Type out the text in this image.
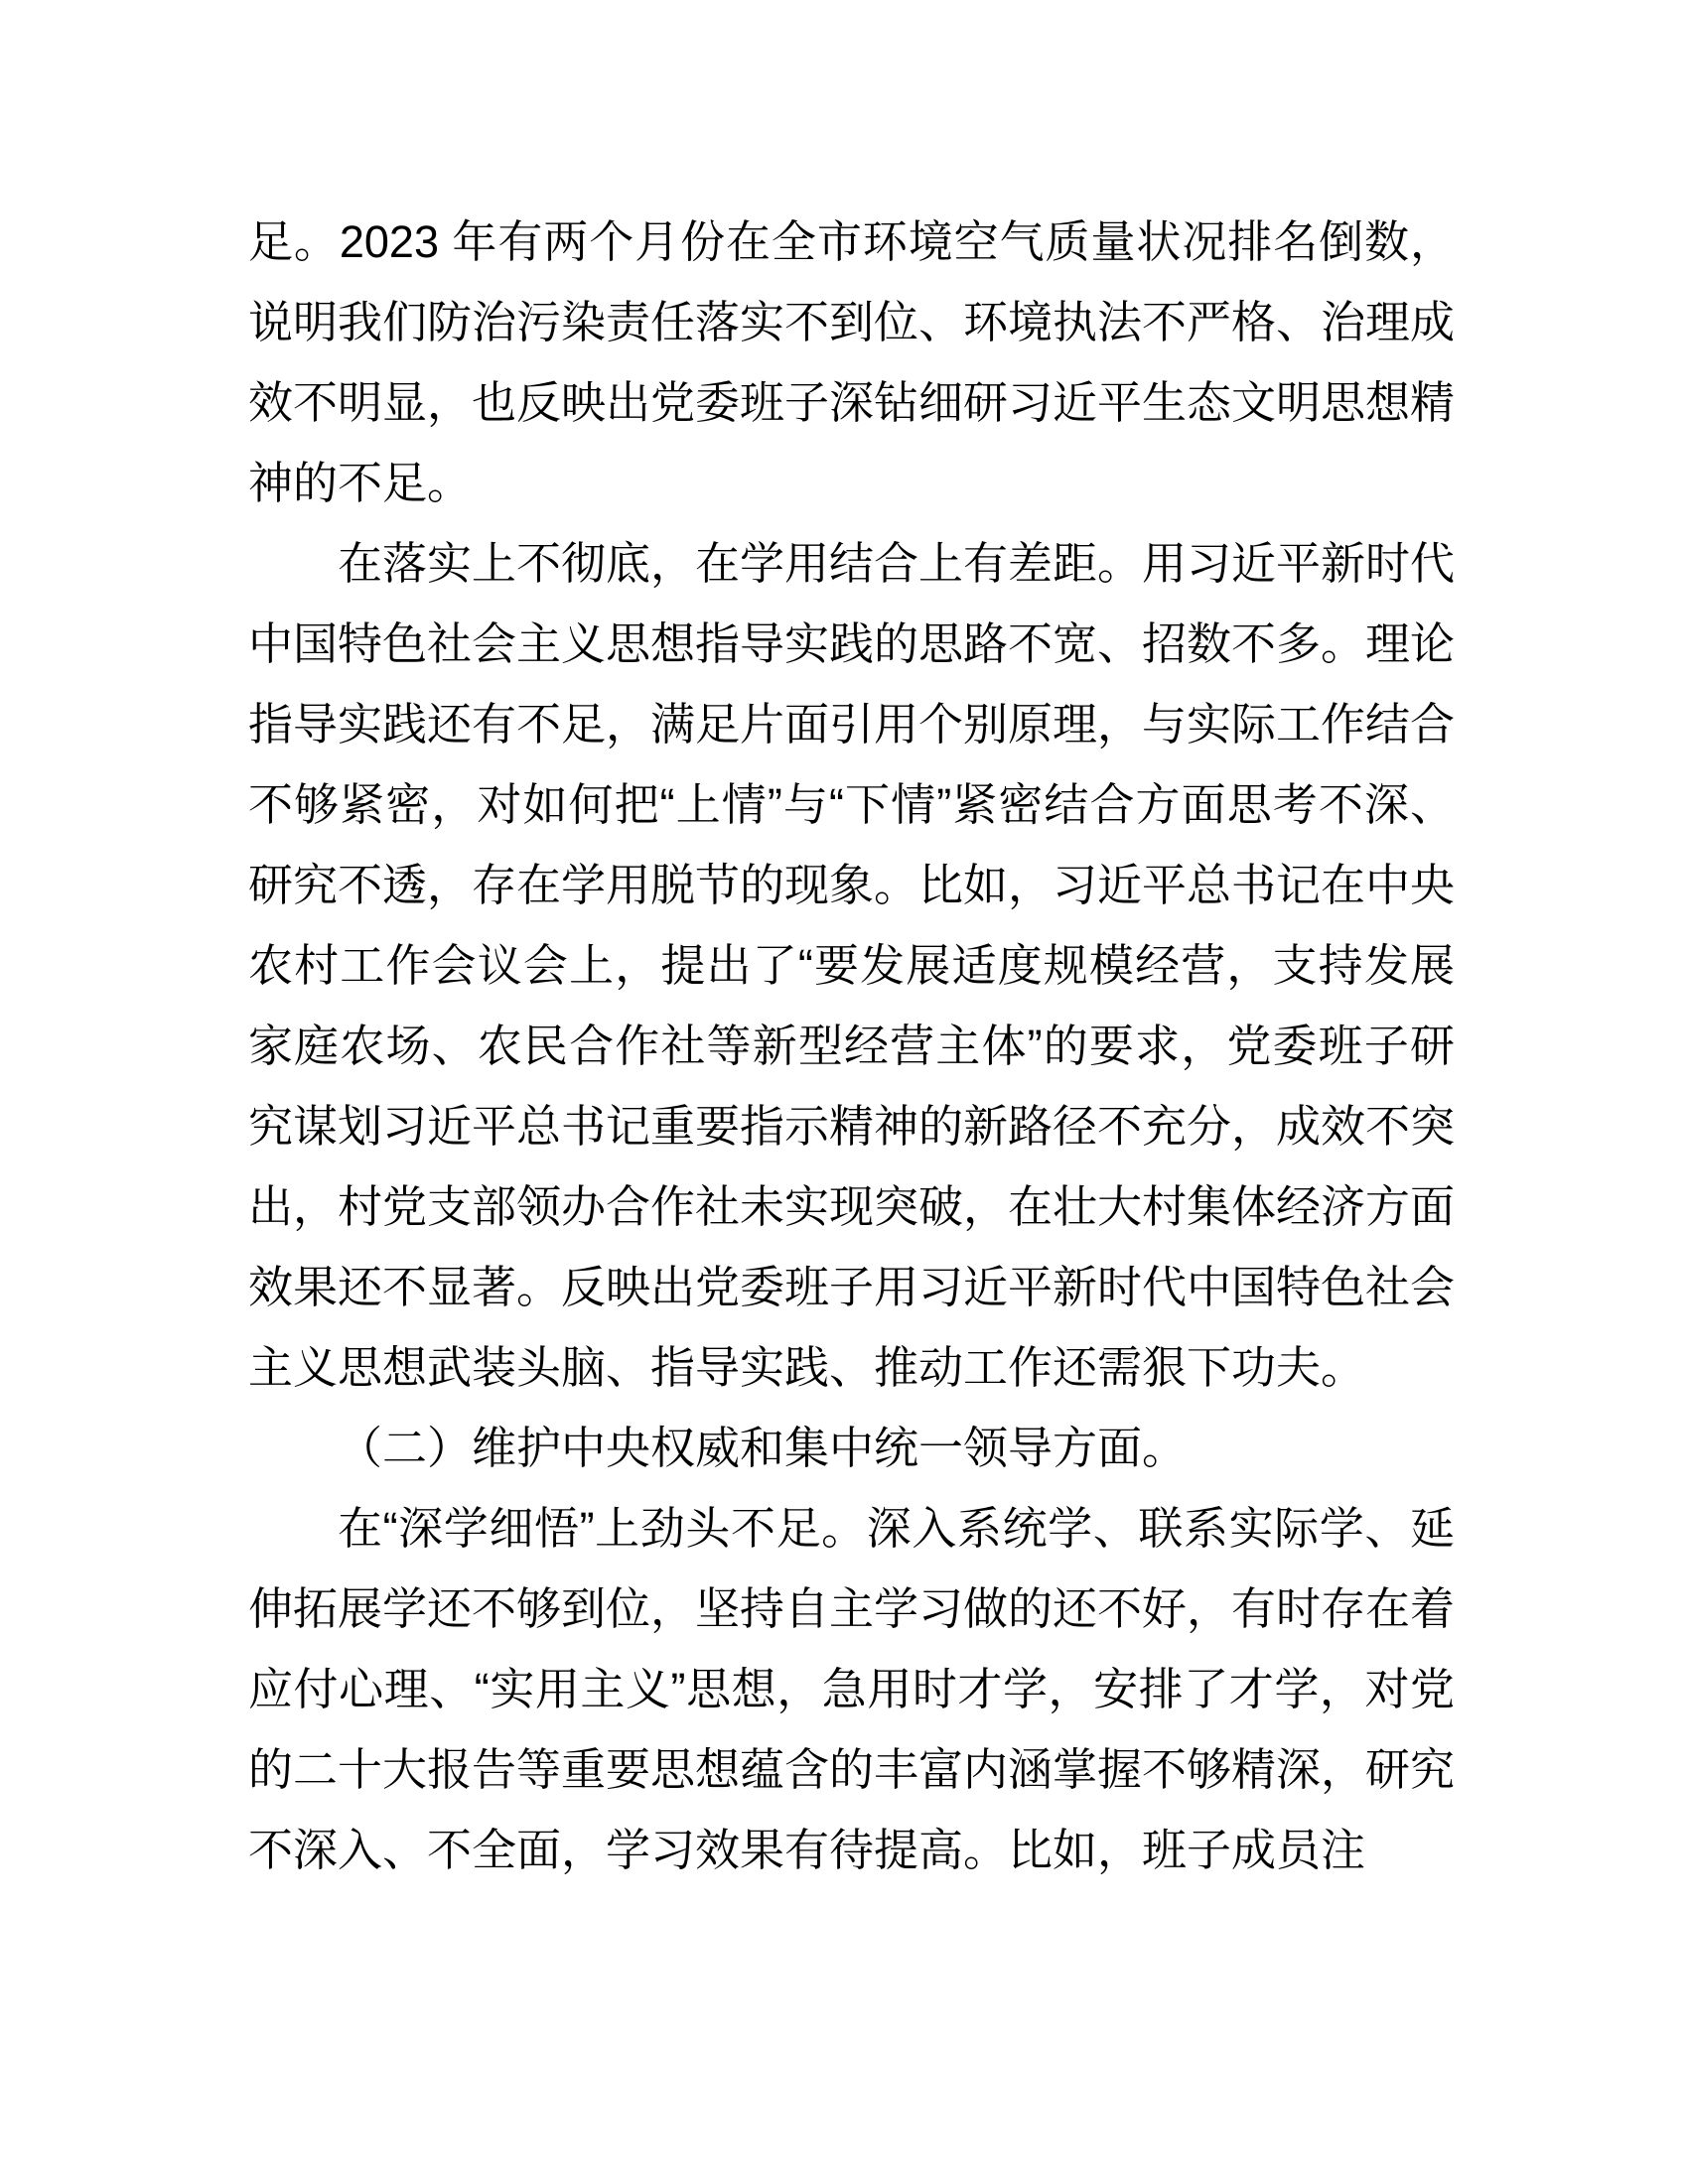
足。2023 年有两个月份在全市环境空气质量状况排名倒数，说明我们防治污染责任落实不到位、环境执法不严格、治理成效不明显，也反映出党委班子深钻细研习近平生态文明思想精神的不足。

在落实上不彻底，在学用结合上有差距。用习近平新时代中国特色社会主义思想指导实践的思路不宽、招数不多。理论指导实践还有不足，满足片面引用个别原理，与实际工作结合不够紧密，对如何把“上情”与“下情”紧密结合方面思考不深、研究不透，存在学用脱节的现象。比如，习近平总书记在中央农村工作会议会上，提出了“要发展适度规模经营，支持发展家庭农场、农民合作社等新型经营主体”的要求，党委班子研究谋划习近平总书记重要指示精神的新路径不充分，成效不突出，村党支部领办合作社未实现突破，在壮大村集体经济方面效果还不显著。反映出党委班子用习近平新时代中国特色社会主义思想武装头脑、指导实践、推动工作还需狠下功夫。

（二）维护中央权威和集中统一领导方面。

在“深学细悟”上劲头不足。深入系统学、联系实际学、延伸拓展学还不够到位，坚持自主学习做的还不好，有时存在着应付心理、“实用主义”思想，急用时才学，安排了才学，对党的二十大报告等重要思想蕴含的丰富内涵掌握不够精深，研究不深入、不全面，学习效果有待提高。比如，班子成员注
